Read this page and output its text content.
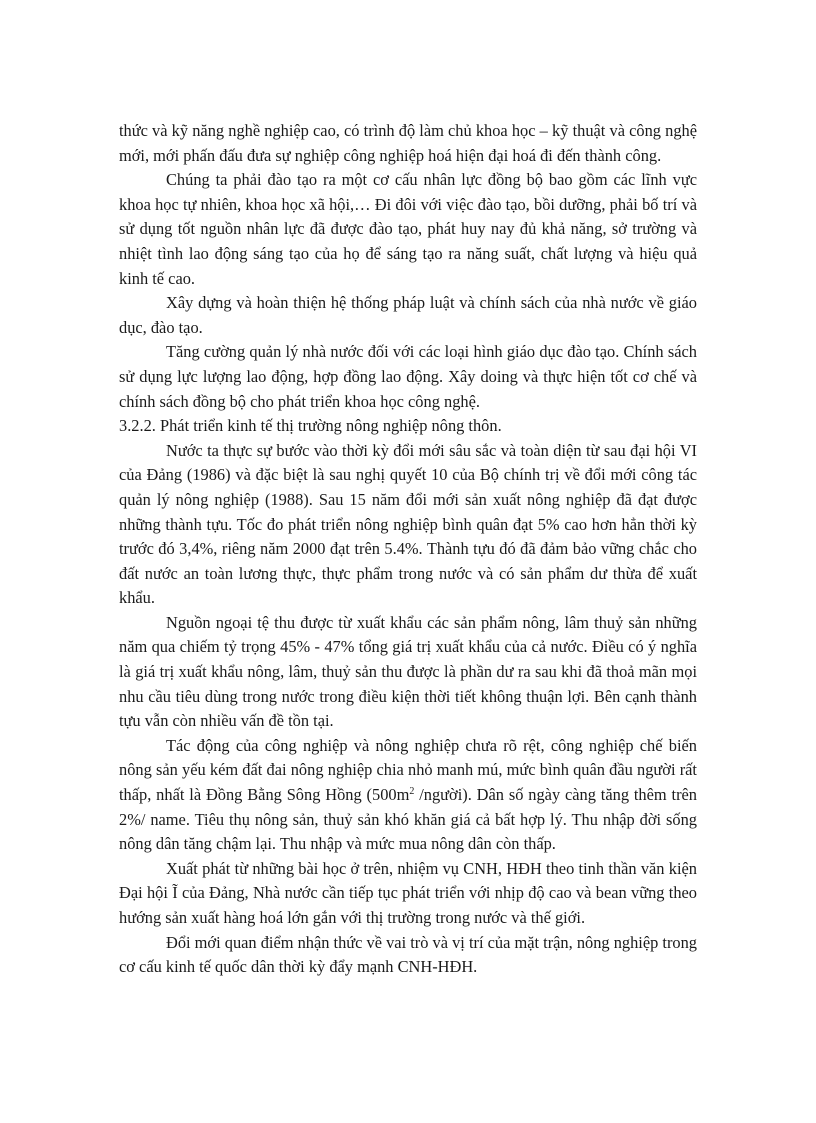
thức và kỹ năng nghề nghiệp cao, có trình độ làm chủ khoa học – kỹ thuật và công nghệ mới, mới phấn đấu đưa sự nghiệp công nghiệp hoá hiện đại hoá đi đến thành công.

Chúng ta phải đào tạo ra một cơ cấu nhân lực đồng bộ bao gồm các lĩnh vực khoa học tự nhiên, khoa học xã hội,… Đi đôi với việc đào tạo, bồi dưỡng, phải bố trí và sử dụng tốt nguồn nhân lực đã được đào tạo, phát huy nay đủ khả năng, sở trường và nhiệt tình lao động sáng tạo của họ để sáng tạo ra năng suất, chất lượng và hiệu quả kinh tế cao.

Xây dựng và hoàn thiện hệ thống pháp luật và chính sách của nhà nước về giáo dục, đào tạo.

Tăng cường quản lý nhà nước đối với các loại hình giáo dục đào tạo. Chính sách sử dụng lực lượng lao động, hợp đồng lao động. Xây doing và thực hiện tốt cơ chế và chính sách đồng bộ cho phát triển khoa học công nghệ.

3.2.2. Phát triển kinh tế thị trường nông nghiệp nông thôn.

Nước ta thực sự bước vào thời kỳ đổi mới sâu sắc và toàn diện từ sau đại hội VI của Đảng (1986) và đặc biệt là sau nghị quyết 10 của Bộ chính trị về đổi mới công tác quản lý nông nghiệp (1988). Sau 15 năm đổi mới sản xuất nông nghiệp đã đạt được những thành tựu. Tốc đo phát triển nông nghiệp bình quân đạt 5% cao hơn hẳn thời kỳ trước đó 3,4%, riêng năm 2000 đạt trên 5.4%. Thành tựu đó đã đảm bảo vững chắc cho đất nước an toàn lương thực, thực phẩm trong nước và có sản phẩm dư thừa để xuất khẩu.

Nguồn ngoại tệ thu được từ xuất khẩu các sản phẩm nông, lâm thuỷ sản những năm qua chiếm tỷ trọng 45% - 47% tổng giá trị xuất khẩu của cả nước. Điều có ý nghĩa là giá trị xuất khẩu nông, lâm, thuỷ sản thu được là phần dư ra sau khi đã thoả mãn mọi nhu cầu tiêu dùng trong nước trong điều kiện thời tiết không thuận lợi. Bên cạnh thành tựu vẫn còn nhiều vấn đề tồn tại.

Tác động của công nghiệp và nông nghiệp chưa rõ rệt, công nghiệp chế biến nông sản yếu kém đất đai nông nghiệp chia nhỏ manh mú, mức bình quân đầu người rất thấp, nhất là Đồng Bằng Sông Hồng ($500m^2$ /người). Dân số ngày càng tăng thêm trên 2%/ name. Tiêu thụ nông sản, thuỷ sản khó khăn giá cả bất hợp lý. Thu nhập đời sống nông dân tăng chậm lại. Thu nhập và mức mua nông dân còn thấp.

Xuất phát từ những bài học ở trên, nhiệm vụ CNH, HĐH theo tinh thần văn kiện Đại hội Ĩ của Đảng, Nhà nước cần tiếp tục phát triển với nhịp độ cao và bean vững theo hướng sản xuất hàng hoá lớn gắn với thị trường trong nước và thế giới.

Đổi mới quan điểm nhận thức về vai trò và vị trí của mặt trận, nông nghiệp trong cơ cấu kinh tế quốc dân thời kỳ đẩy mạnh CNH-HĐH.
